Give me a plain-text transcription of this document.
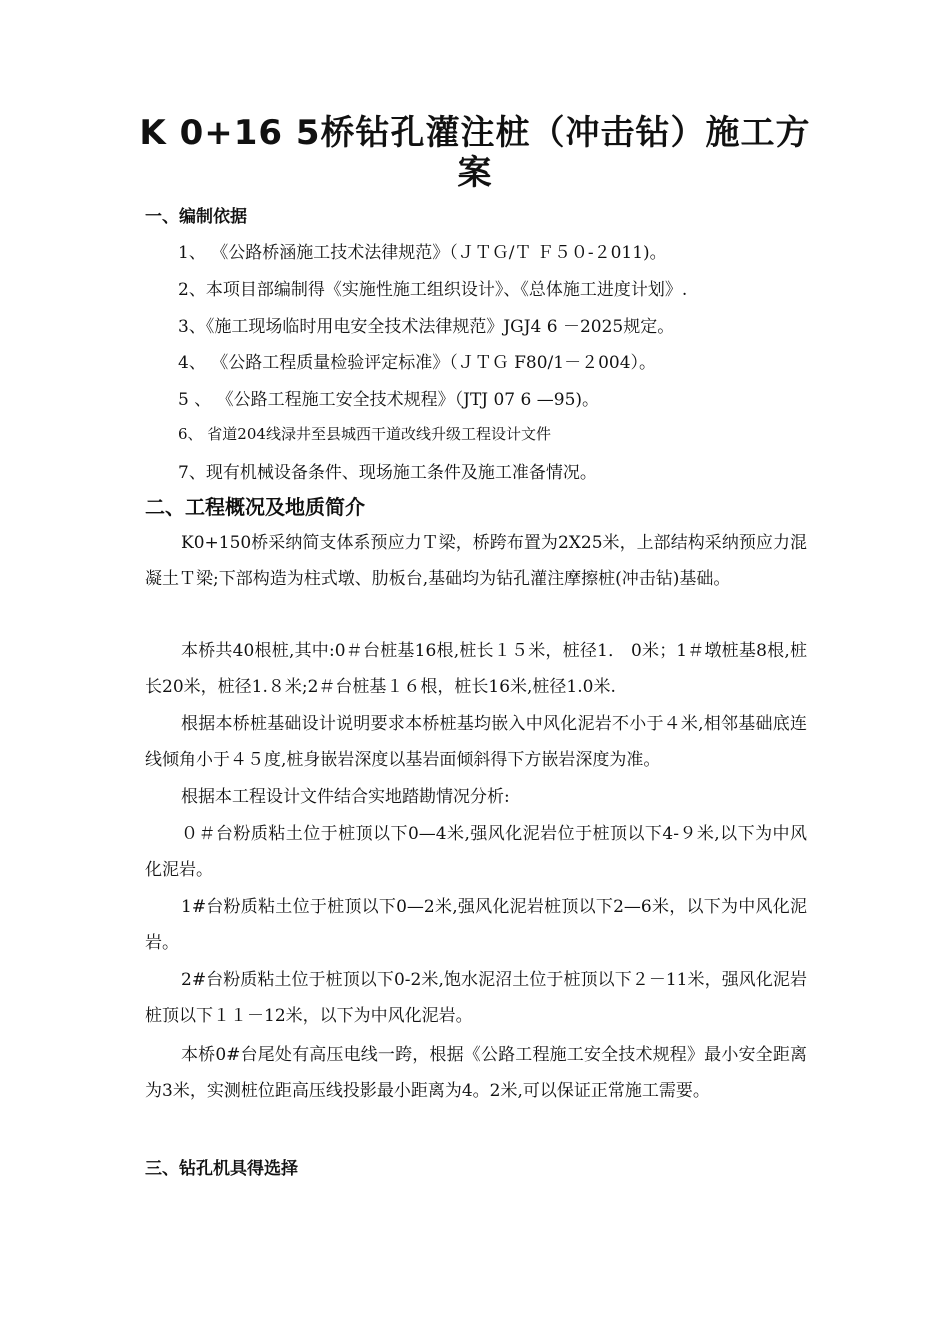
K 0+16 5桥钻孔灌注桩（冲击钻）施工方
案
一、编制依据
1、 《公路桥涵施工技术法律规范》（ＪＴＧ/Ｔ Ｆ５０-２011)。
2、本项目部编制得《实施性施工组织设计》、《总体施工进度计划》.
3、《施工现场临时用电安全技术法律规范》JGJ4 6 －2025规定。
4、 《公路工程质量检验评定标准》（ＪＴＧ F80/1－２004）。
5 、 《公路工程施工安全技术规程》（JTJ 07 6 —95)。
6、 省道204线渌井至县城西干道改线升级工程设计文件
7、现有机械设备条件、现场施工条件及施工准备情况。
二、工程概况及地质简介
K0+150桥采纳简支体系预应力Ｔ梁，桥跨布置为2X25米，上部结构采纳预应力混凝土Ｔ梁;下部构造为柱式墩、肋板台,基础均为钻孔灌注摩擦桩(冲击钻)基础。
本桥共40根桩,其中:0＃台桩基16根,桩长１５米，桩径1． 0米；1＃墩桩基8根,桩长20米，桩径1.８米;2＃台桩基１６根，桩长16米,桩径1.0米.
根据本桥桩基础设计说明要求本桥桩基均嵌入中风化泥岩不小于４米,相邻基础底连线倾角小于４５度,桩身嵌岩深度以基岩面倾斜得下方嵌岩深度为准。
根据本工程设计文件结合实地踏勘情况分析:
０＃台粉质粘土位于桩顶以下0—4米,强风化泥岩位于桩顶以下4-９米,以下为中风化泥岩。
1#台粉质粘土位于桩顶以下0—2米,强风化泥岩桩顶以下2—6米，以下为中风化泥岩。
2#台粉质粘土位于桩顶以下0-2米,饱水泥沼土位于桩顶以下２－11米，强风化泥岩桩顶以下１１－12米，以下为中风化泥岩。
本桥0#台尾处有高压电线一跨，根据《公路工程施工安全技术规程》最小安全距离为3米，实测桩位距高压线投影最小距离为4。2米,可以保证正常施工需要。
三、钻孔机具得选择
